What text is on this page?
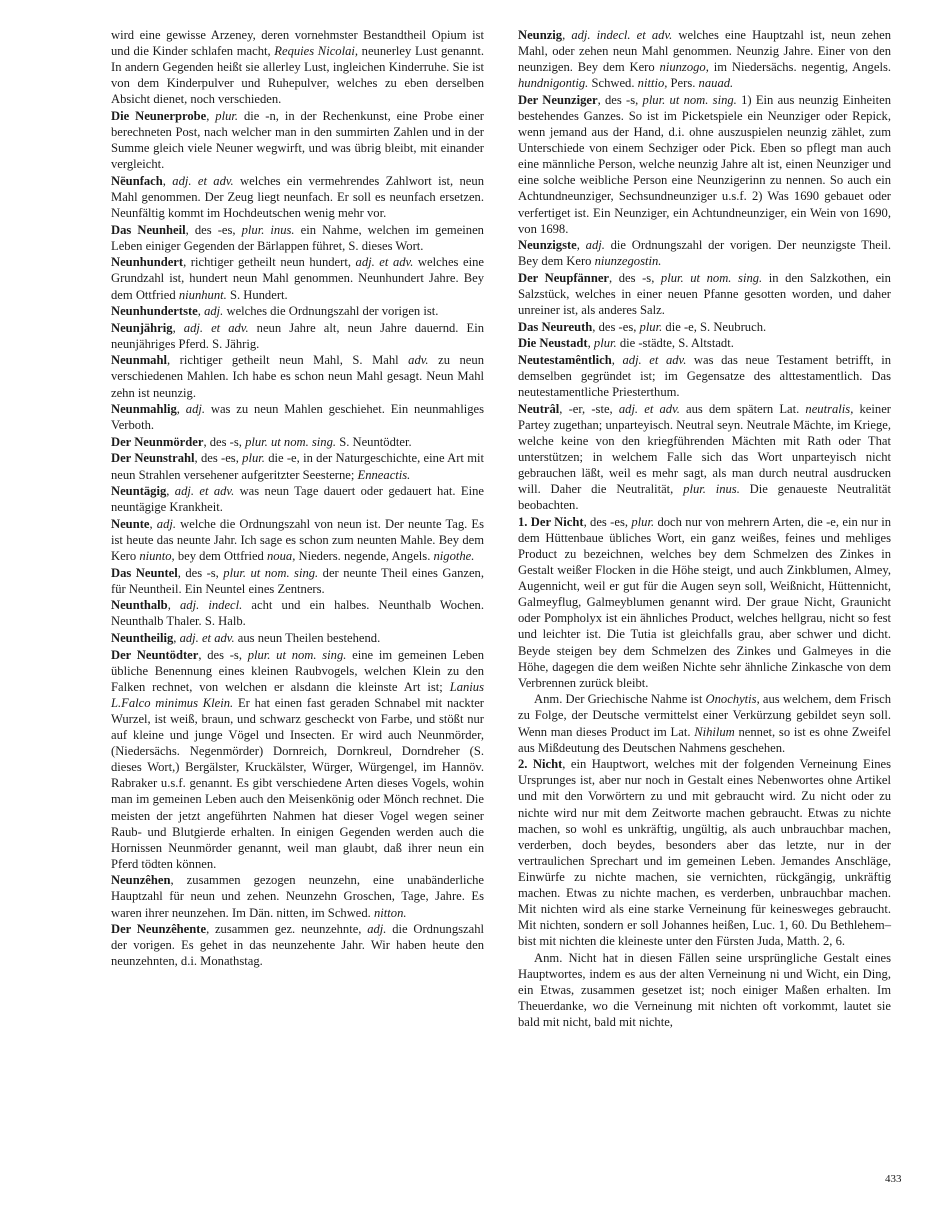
wird eine gewisse Arzeney, deren vornehmster Bestandtheil Opium ist und die Kinder schlafen macht, Requies Nicolai, neunerley Lust genannt. In andern Gegenden heißt sie allerley Lust, ingleichen Kinderruhe. Sie ist von dem Kinderpulver und Ruhepulver, welches zu eben derselben Absicht dienet, noch verschieden.

Die Neunerprobe, plur. die -n, in der Rechenkunst, eine Probe einer berechneten Post, nach welcher man in den summirten Zahlen und in der Summe gleich viele Neuner wegwirft, und was übrig bleibt, mit einander vergleicht.

Nëunfach, adj. et adv. welches ein vermehrendes Zahlwort ist, neun Mahl genommen. Der Zeug liegt neunfach. Er soll es neunfach ersetzen. Neunfältig kommt im Hochdeutschen wenig mehr vor.

Das Neunheil, des -es, plur. inus. ein Nahme, welchen im gemeinen Leben einiger Gegenden der Bärlappen führet, S. dieses Wort.

Neunhundert, richtiger getheilt neun hundert, adj. et adv. welches eine Grundzahl ist, hundert neun Mahl genommen. Neunhundert Jahre. Bey dem Ottfried niunhunt. S. Hundert.

Neunhundertste, adj. welches die Ordnungszahl der vorigen ist.

Neunjährig, adj. et adv. neun Jahre alt, neun Jahre dauernd. Ein neunjähriges Pferd. S. Jährig.

Neunmahl, richtiger getheilt neun Mahl, S. Mahl adv. zu neun verschiedenen Mahlen. Ich habe es schon neun Mahl gesagt. Neun Mahl zehn ist neunzig.

Neunmahlig, adj. was zu neun Mahlen geschiehet. Ein neunmahliges Verboth.

Der Neunmörder, des -s, plur. ut nom. sing. S. Neuntödter.

Der Neunstrahl, des -es, plur. die -e, in der Naturgeschichte, eine Art mit neun Strahlen versehener aufgeritzter Seesterne; Enneactis.

Neuntägig, adj. et adv. was neun Tage dauert oder gedauert hat. Eine neuntägige Krankheit.

Neunte, adj. welche die Ordnungszahl von neun ist. Der neunte Tag. Es ist heute das neunte Jahr. Ich sage es schon zum neunten Mahle. Bey dem Kero niunto, bey dem Ottfried noua, Nieders. negende, Angels. nigothe.

Das Neuntel, des -s, plur. ut nom. sing. der neunte Theil eines Ganzen, für Neuntheil. Ein Neuntel eines Zentners.

Neunthalb, adj. indecl. acht und ein halbes. Neunthalb Wochen. Neunthalb Thaler. S. Halb.

Neuntheilig, adj. et adv. aus neun Theilen bestehend.

Der Neuntödter, des -s, plur. ut nom. sing. eine im gemeinen Leben übliche Benennung eines kleinen Raubvogels, welchen Klein zu den Falken rechnet, von welchen er alsdann die kleinste Art ist; Lanius L.Falco minimus Klein. Er hat einen fast geraden Schnabel mit nackter Wurzel, ist weiß, braun, und schwarz gescheckt von Farbe, und stößt nur auf kleine und junge Vögel und Insecten. Er wird auch Neunmörder, (Niedersächs. Negenmörder) Dornreich, Dornkreul, Dorndreher (S. dieses Wort,) Bergälster, Kruckälster, Würger, Würgengel, im Hannöv. Rabraker u.s.f. genannt. Es gibt verschiedene Arten dieses Vogels, wohin man im gemeinen Leben auch den Meisenkönig oder Mönch rechnet. Die meisten der jetzt angeführten Nahmen hat dieser Vogel wegen seiner Raub- und Blutgierde erhalten. In einigen Gegenden werden auch die Hornissen Neunmörder genannt, weil man glaubt, daß ihrer neun ein Pferd tödten können.

Neunzêhen, zusammen gezogen neunzehn, eine unabänderliche Hauptzahl für neun und zehen. Neunzehn Groschen, Tage, Jahre. Es waren ihrer neunzehen. Im Dän. nitten, im Schwed. nitton.

Der Neunzêhente, zusammen gez. neunzehnte, adj. die Ordnungszahl der vorigen. Es gehet in das neunzehente Jahr. Wir haben heute den neunzehnten, d.i. Monathstag.

Neunzig, adj. indecl. et adv. welches eine Hauptzahl ist, neun zehen Mahl, oder zehen neun Mahl genommen. Neunzig Jahre. Einer von den neunzigen. Bey dem Kero niunzogo, im Niedersächs. negentig, Angels. hundnigontig. Schwed. nittio, Pers. nauad.

Der Neunziger, des -s, plur. ut nom. sing. 1) Ein aus neunzig Einheiten bestehendes Ganzes. So ist im Picketspiele ein Neunziger oder Repick, wenn jemand aus der Hand, d.i. ohne auszuspielen neunzig zählet, zum Unterschiede von einem Sechziger oder Pick. Eben so pflegt man auch eine männliche Person, welche neunzig Jahre alt ist, einen Neunziger und eine solche weibliche Person eine Neunzigerinn zu nennen. So auch ein Achtundneunziger, Sechsundneunziger u.s.f. 2) Was 1690 gebauet oder verfertiget ist. Ein Neunziger, ein Achtundneunziger, ein Wein von 1690, von 1698.

Neunzigste, adj. die Ordnungszahl der vorigen. Der neunzigste Theil. Bey dem Kero niunzegostin.

Der Neupfänner, des -s, plur. ut nom. sing. in den Salzkothen, ein Salzstück, welches in einer neuen Pfanne gesotten worden, und daher unreiner ist, als anderes Salz.

Das Neureuth, des -es, plur. die -e, S. Neubruch.

Die Neustadt, plur. die -städte, S. Altstadt.

Neutestamêntlich, adj. et adv. was das neue Testament betrifft, in demselben gegründet ist; im Gegensatze des alttestamentlich. Das neutestamentliche Priesterthum.

Neutrâl, -er, -ste, adj. et adv. aus dem spätern Lat. neutralis, keiner Partey zugethan; unparteyisch. Neutral seyn. Neutrale Mächte, im Kriege, welche keine von den kriegführenden Mächten mit Rath oder That unterstützen; in welchem Falle sich das Wort unparteyisch nicht gebrauchen läßt, weil es mehr sagt, als man durch neutral ausdrucken will. Daher die Neutralität, plur. inus. Die genaueste Neutralität beobachten.

1. Der Nicht, des -es, plur. doch nur von mehrern Arten, die -e, ein nur in dem Hüttenbaue übliches Wort, ein ganz weißes, feines und mehliges Product zu bezeichnen, welches bey dem Schmelzen des Zinkes in Gestalt weißer Flocken in die Höhe steigt, und auch Zinkblumen, Almey, Augennicht, weil er gut für die Augen seyn soll, Weißnicht, Hüttennicht, Galmeyflug, Galmeyblumen genannt wird. Der graue Nicht, Graunicht oder Pompholyx ist ein ähnliches Product, welches hellgrau, nicht so fest und leichter ist. Die Tutia ist gleichfalls grau, aber schwer und dicht. Beyde steigen bey dem Schmelzen des Zinkes und Galmeyes in die Höhe, dagegen die dem weißen Nichte sehr ähnliche Zinkasche von dem Verbrennen zurück bleibt.

Anm. Der Griechische Nahme ist Onochytis, aus welchem, dem Frisch zu Folge, der Deutsche vermittelst einer Verkürzung gebildet seyn soll. Wenn man dieses Product im Lat. Nihilum nennet, so ist es ohne Zweifel aus Mißdeutung des Deutschen Nahmens geschehen.

2. Nicht, ein Hauptwort, welches mit der folgenden Verneinung Eines Ursprunges ist, aber nur noch in Gestalt eines Nebenwortes ohne Artikel und mit den Vorwörtern zu und mit gebraucht wird. Zu nicht oder zu nichte wird nur mit dem Zeitworte machen gebraucht. Etwas zu nichte machen, so wohl es unkräftig, ungültig, als auch unbrauchbar machen, verderben, doch beydes, besonders aber das letzte, nur in der vertraulichen Sprechart und im gemeinen Leben. Jemandes Anschläge, Einwürfe zu nichte machen, sie vernichten, rückgängig, unkräftig machen. Etwas zu nichte machen, es verderben, unbrauchbar machen. Mit nichten wird als eine starke Verneinung für keinesweges gebraucht. Mit nichten, sondern er soll Johannes heißen, Luc. 1, 60. Du Bethlehem– bist mit nichten die kleineste unter den Fürsten Juda, Matth. 2, 6.

Anm. Nicht hat in diesen Fällen seine ursprüngliche Gestalt eines Hauptwortes, indem es aus der alten Verneinung ni und Wicht, ein Ding, ein Etwas, zusammen gesetzet ist; noch einiger Maßen erhalten. Im Theuerdanke, wo die Verneinung mit nichten oft vorkommt, lautet sie bald mit nicht, bald mit nichte,

433
